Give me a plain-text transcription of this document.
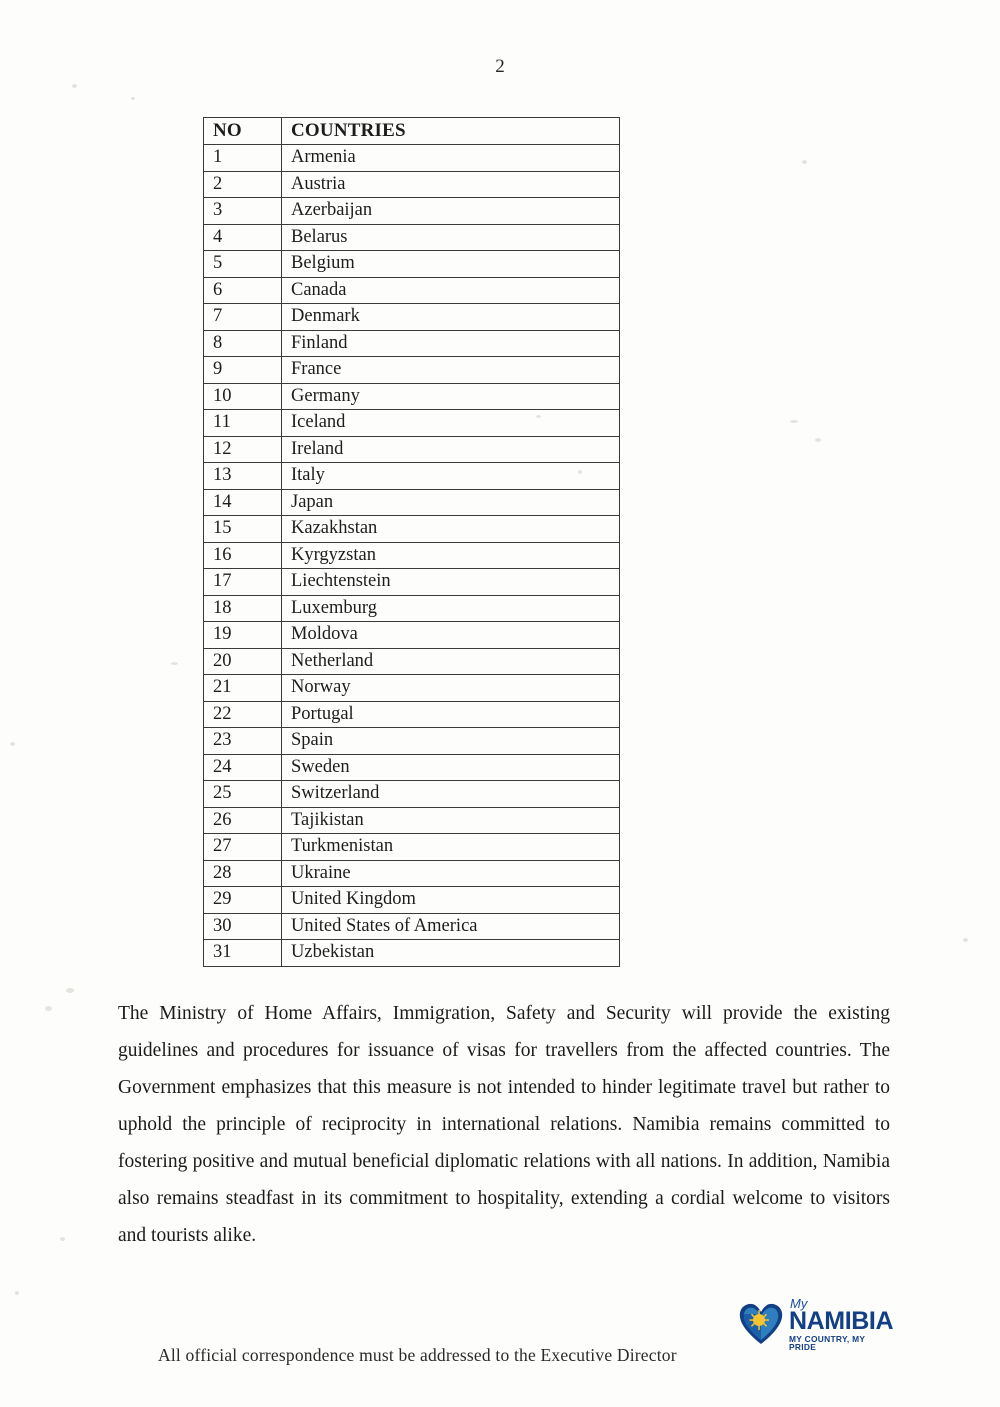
2
NO	COUNTRIES
1	Armenia
2	Austria
3	Azerbaijan
4	Belarus
5	Belgium
6	Canada
7	Denmark
8	Finland
9	France
10	Germany
11	Iceland
12	Ireland
13	Italy
14	Japan
15	Kazakhstan
16	Kyrgyzstan
17	Liechtenstein
18	Luxemburg
19	Moldova
20	Netherland
21	Norway
22	Portugal
23	Spain
24	Sweden
25	Switzerland
26	Tajikistan
27	Turkmenistan
28	Ukraine
29	United Kingdom
30	United States of America
31	Uzbekistan

The Ministry of Home Affairs, Immigration, Safety and Security will provide the existing guidelines and procedures for issuance of visas for travellers from the affected countries. The Government emphasizes that this measure is not intended to hinder legitimate travel but rather to uphold the principle of reciprocity in international relations. Namibia remains committed to fostering positive and mutual beneficial diplomatic relations with all nations. In addition, Namibia also remains steadfast in its commitment to hospitality, extending a cordial welcome to visitors and tourists alike.

All official correspondence must be addressed to the Executive Director
My
NAMIBIA
MY COUNTRY, MY PRIDE
